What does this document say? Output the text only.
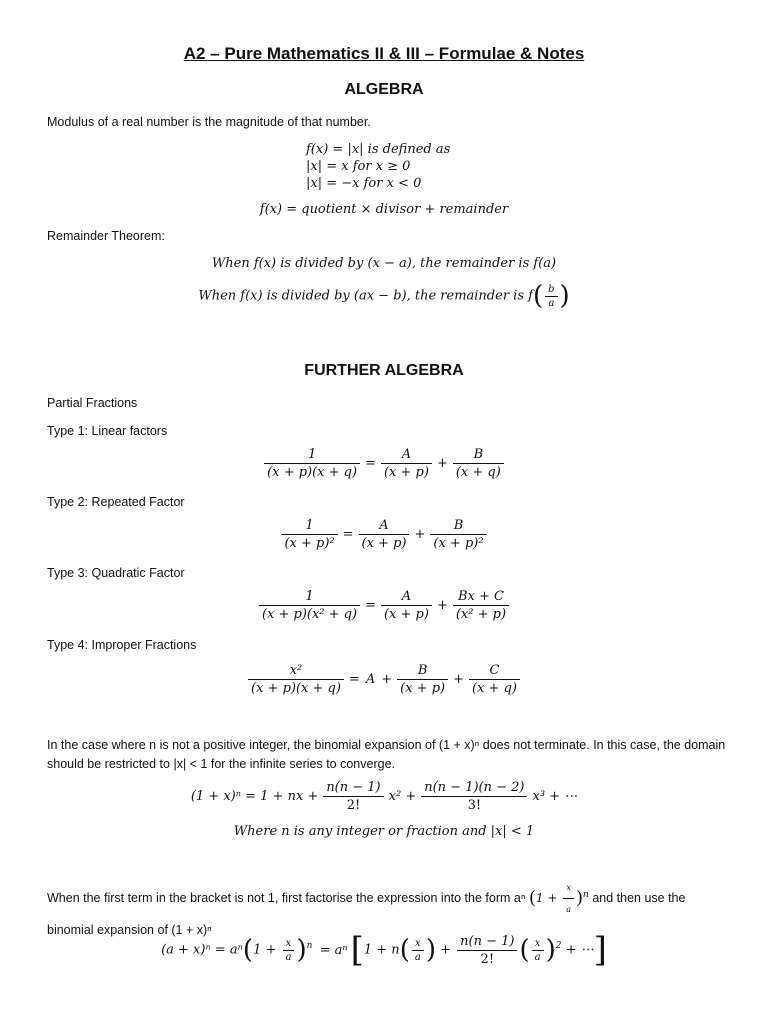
A2 – Pure Mathematics II & III – Formulae & Notes
ALGEBRA
Modulus of a real number is the magnitude of that number.
f(x) = |x| is defined as
|x| = x for x ≥ 0
|x| = −x for x < 0
f(x) = quotient × divisor + remainder
Remainder Theorem:
When f(x) is divided by (x − a), the remainder is f(a)
When f(x) is divided by (ax − b), the remainder is $f( \frac{b}{a}$ )
FURTHER ALGEBRA
Partial Fractions
Type 1: Linear factors
$\frac{1}{(x + p)(x + q)} = \frac{A}{(x + p)} + \frac{B}{(x + q)}$
Type 2: Repeated Factor
$\frac{1}{\text{(x + p)²}} = \frac{A}{(x + p)} + \frac{B}{\text{(x + p)²}}$
Type 3: Quadratic Factor
$\frac{1}{\text{(x + p)(x² + q)}} = \frac{A}{(x + p)} + \frac{Bx + C}{\text{(x² + p)}}$
Type 4: Improper Fractions
$\frac{\text{x²}}{(x + p)(x + q)} = A + \frac{B}{(x + p)} + \frac{C}{(x + q)}$
In the case where n is not a positive integer, the binomial expansion of (1 + x)ⁿ does not terminate. In this case, the domain should be restricted to |x| < 1 for the infinite series to converge.
(1 + x)ⁿ = 1 + nx + $\frac{n(n - 1)}{2!} x^2 + \frac{n(n - 1)(n - 2)}{3!} x^3$ + ⋯
Where n is any integer or fraction and |x| < 1
When the first term in the bracket is not 1, first factorise the expression into the form aⁿ $(1 + \frac{x}{a} )^n$ and then use the
binomial expansion of (1 + x)ⁿ
$(a + x)^n = a^n(1 + \frac{x}{a} )^n = a^n[1 + n( \frac{x}{a}$ ) + $\frac{n(n - 1)}{2!}$ ( $\frac{x}{a} )^2$ + ⋯]
